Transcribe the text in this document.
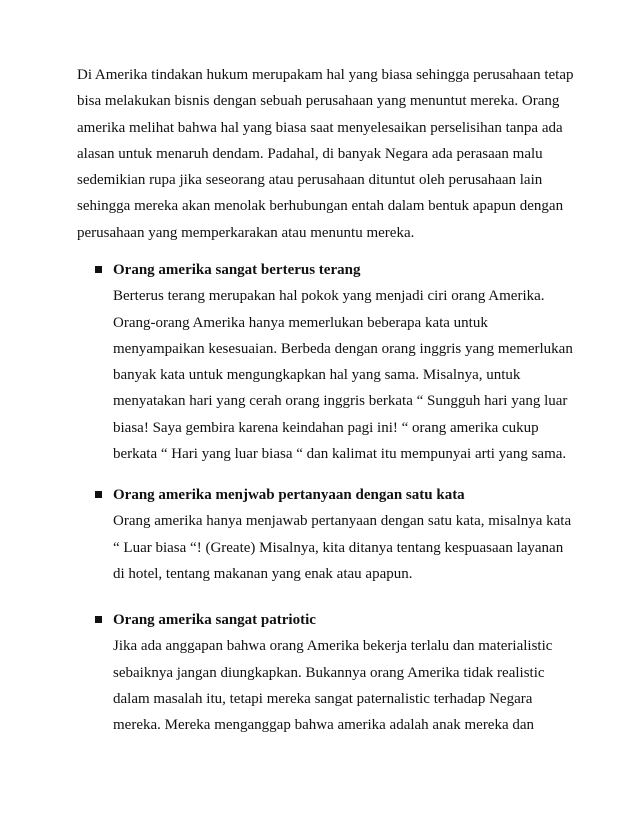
Di Amerika tindakan hukum merupakam hal yang biasa sehingga perusahaan tetap
bisa melakukan bisnis dengan sebuah perusahaan yang menuntut mereka. Orang
amerika melihat bahwa hal yang biasa saat menyelesaikan perselisihan tanpa ada
alasan untuk menaruh dendam. Padahal, di banyak Negara ada perasaan malu
sedemikian rupa jika seseorang atau perusahaan dituntut oleh perusahaan lain
sehingga mereka akan menolak berhubungan entah dalam bentuk apapun dengan
perusahaan yang memperkarakan atau menuntu mereka.
Orang amerika sangat berterus terang
Berterus terang merupakan hal pokok yang menjadi ciri orang Amerika.
Orang-orang Amerika hanya memerlukan beberapa kata untuk
menyampaikan kesesuaian. Berbeda dengan orang inggris yang memerlukan
banyak kata untuk mengungkapkan hal yang sama. Misalnya, untuk
menyatakan hari yang cerah orang inggris berkata “ Sungguh hari yang luar
biasa! Saya gembira karena keindahan pagi ini! “ orang amerika cukup
berkata “ Hari yang luar biasa “ dan kalimat itu mempunyai arti yang sama.
Orang amerika menjwab pertanyaan dengan satu kata
Orang amerika hanya menjawab pertanyaan dengan satu kata, misalnya kata
“ Luar biasa “! (Greate) Misalnya, kita ditanya tentang kespuasaan layanan
di hotel, tentang makanan yang enak atau apapun.
Orang amerika sangat patriotic
Jika ada anggapan bahwa orang Amerika bekerja terlalu dan materialistic
sebaiknya jangan diungkapkan. Bukannya orang Amerika tidak realistic
dalam masalah itu, tetapi mereka sangat paternalistic terhadap Negara
mereka. Mereka menganggap bahwa amerika adalah anak mereka dan
